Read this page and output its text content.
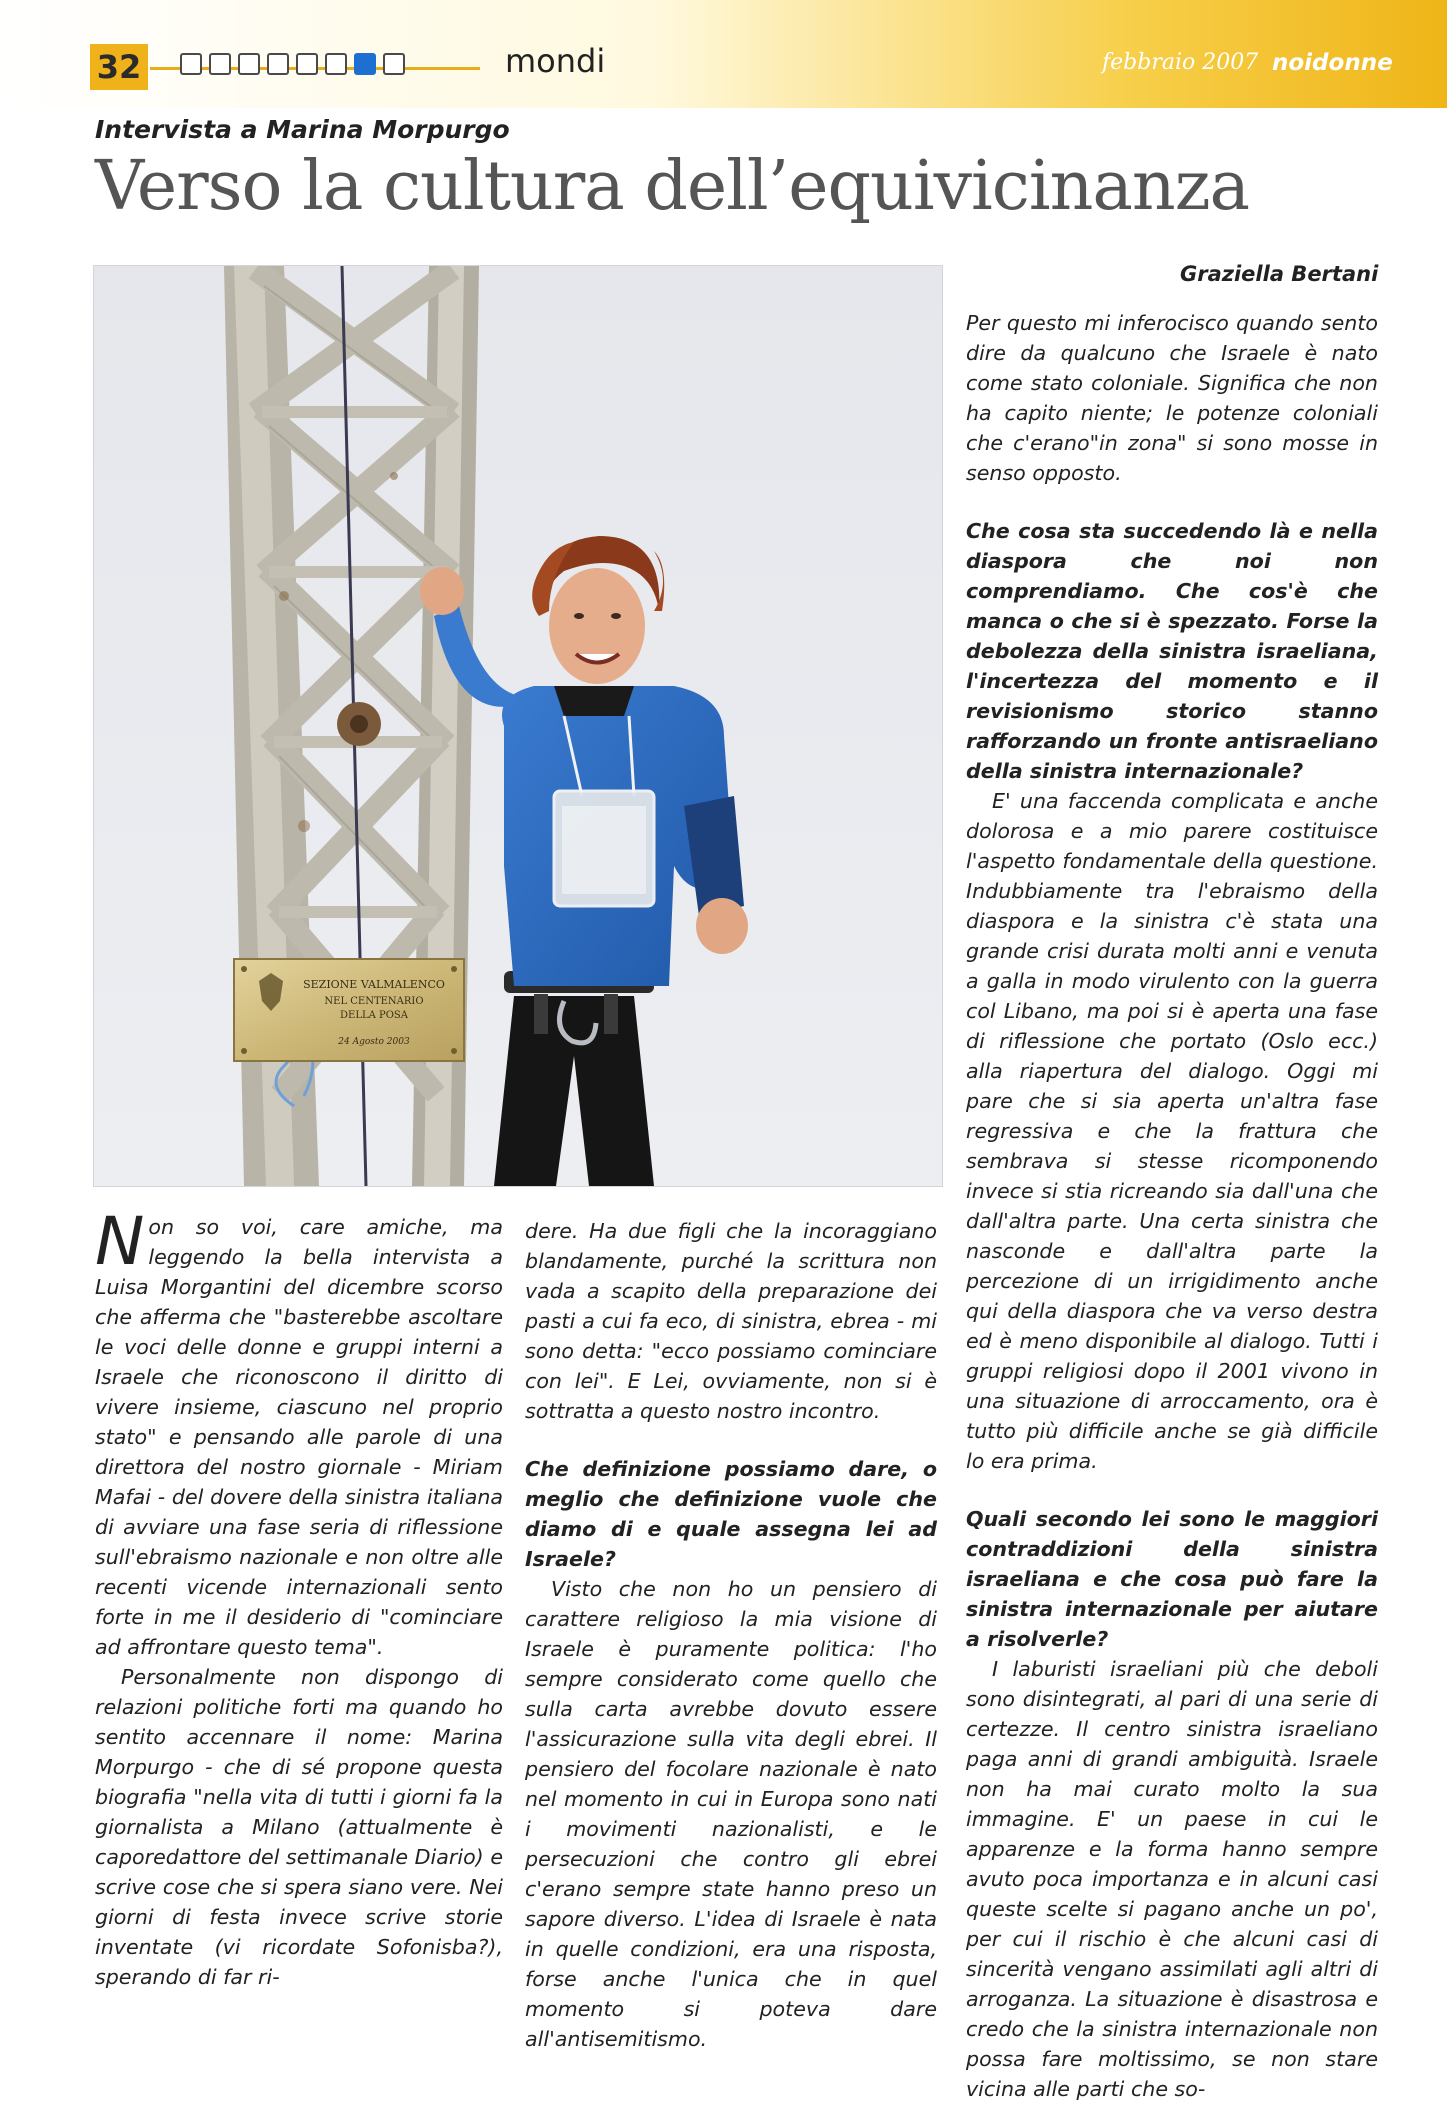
32	mondi	febbraio 2007 noidonne
Intervista a Marina Morpurgo
Verso la cultura dell’equivicinanza
SEZIONE VALMALENCO
NEL CENTENARIO
DELLA POSA
24 Agosto 2003
Graziella Bertani

Non so voi, care amiche, ma leggendo la bella intervista a Luisa Morgantini del dicembre scorso che afferma che "basterebbe ascoltare le voci delle donne e gruppi interni a Israele che riconoscono il diritto di vivere insieme, ciascuno nel proprio stato" e pensando alle parole di una direttora del nostro giornale - Miriam Mafai - del dovere della sinistra italiana di avviare una fase seria di riflessione sull'ebraismo nazionale e non oltre alle recenti vicende internazionali sento forte in me il desiderio di "cominciare ad affrontare questo tema".

Personalmente non dispongo di relazioni politiche forti ma quando ho sentito accennare il nome: Marina Morpurgo - che di sé propone questa biografia "nella vita di tutti i giorni fa la giornalista a Milano (attualmente è caporedattore del settimanale Diario) e scrive cose che si spera siano vere. Nei giorni di festa invece scrive storie inventate (vi ricordate Sofonisba?), sperando di far ri-

dere. Ha due figli che la incoraggiano blandamente, purché la scrittura non vada a scapito della preparazione dei pasti a cui fa eco, di sinistra, ebrea - mi sono detta: "ecco possiamo cominciare con lei". E Lei, ovviamente, non si è sottratta a questo nostro incontro.

Che definizione possiamo dare, o meglio che definizione vuole che diamo di e quale assegna lei ad Israele?

Visto che non ho un pensiero di carattere religioso la mia visione di Israele è puramente politica: l'ho sempre considerato come quello che sulla carta avrebbe dovuto essere l'assicurazione sulla vita degli ebrei. Il pensiero del focolare nazionale è nato nel momento in cui in Europa sono nati i movimenti nazionalisti, e le persecuzioni che contro gli ebrei c'erano sempre state hanno preso un sapore diverso. L'idea di Israele è nata in quelle condizioni, era una risposta, forse anche l'unica che in quel momento si poteva dare all'antisemitismo.

Per questo mi inferocisco quando sento dire da qualcuno che Israele è nato come stato coloniale. Significa che non ha capito niente; le potenze coloniali che c'erano"in zona" si sono mosse in senso opposto.

Che cosa sta succedendo là e nella diaspora che noi non comprendiamo. Che cos'è che manca o che si è spezzato. Forse la debolezza della sinistra israeliana, l'incertezza del momento e il revisionismo storico stanno rafforzando un fronte antisraeliano della sinistra internazionale?

E' una faccenda complicata e anche dolorosa e a mio parere costituisce l'aspetto fondamentale della questione. Indubbiamente tra l'ebraismo della diaspora e la sinistra c'è stata una grande crisi durata molti anni e venuta a galla in modo virulento con la guerra col Libano, ma poi si è aperta una fase di riflessione che portato (Oslo ecc.) alla riapertura del dialogo. Oggi mi pare che si sia aperta un'altra fase regressiva e che la frattura che sembrava si stesse ricomponendo invece si stia ricreando sia dall'una che dall'altra parte. Una certa sinistra che nasconde e dall'altra parte la percezione di un irrigidimento anche qui della diaspora che va verso destra ed è meno disponibile al dialogo. Tutti i gruppi religiosi dopo il 2001 vivono in una situazione di arroccamento, ora è tutto più difficile anche se già difficile lo era prima.

Quali secondo lei sono le maggiori contraddizioni della sinistra israeliana e che cosa può fare la sinistra internazionale per aiutare a risolverle?

I laburisti israeliani più che deboli sono disintegrati, al pari di una serie di certezze. Il centro sinistra israeliano paga anni di grandi ambiguità. Israele non ha mai curato molto la sua immagine. E' un paese in cui le apparenze e la forma hanno sempre avuto poca importanza e in alcuni casi queste scelte si pagano anche un po', per cui il rischio è che alcuni casi di sincerità vengano assimilati agli altri di arroganza. La situazione è disastrosa e credo che la sinistra internazionale non possa fare moltissimo, se non stare vicina alle parti che so-
